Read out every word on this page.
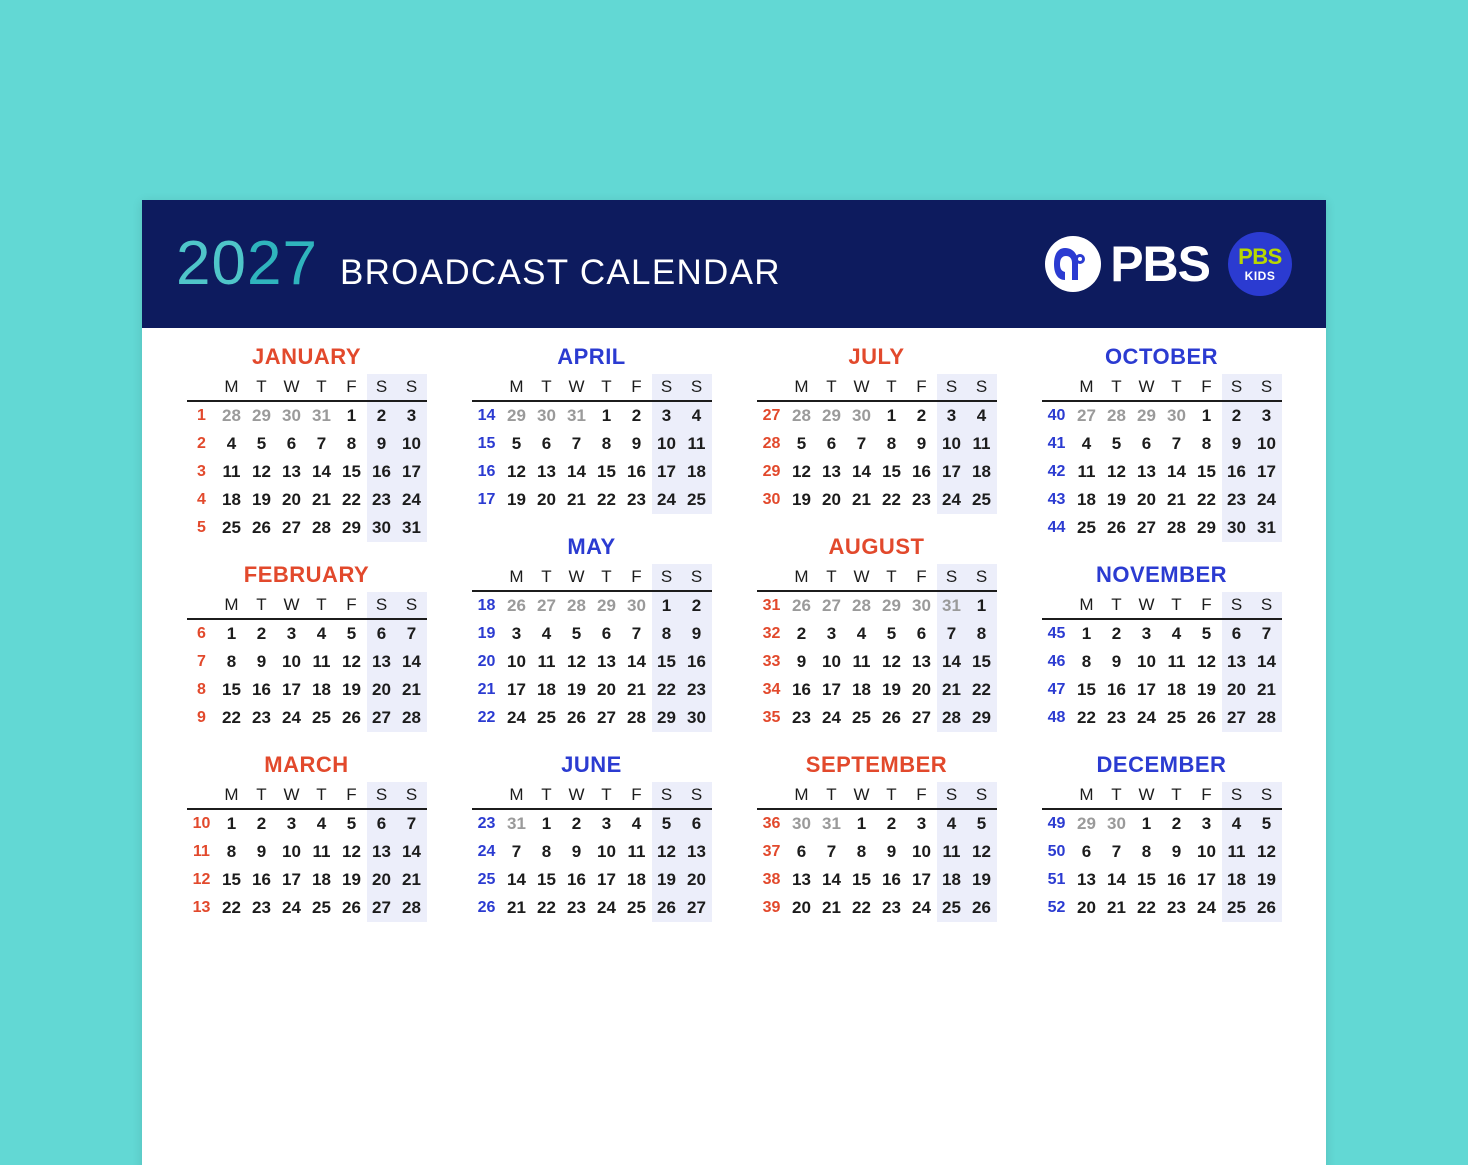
2027 BROADCAST CALENDAR	PBS PBS
KIDS
JANUARY
	M	T	W	T	F	S	S
1	28	29	30	31	1	2	3
2	4	5	6	7	8	9	10
3	11	12	13	14	15	16	17
4	18	19	20	21	22	23	24
5	25	26	27	28	29	30	31
FEBRUARY
	M	T	W	T	F	S	S
6	1	2	3	4	5	6	7
7	8	9	10	11	12	13	14
8	15	16	17	18	19	20	21
9	22	23	24	25	26	27	28
MARCH
	M	T	W	T	F	S	S
10	1	2	3	4	5	6	7
11	8	9	10	11	12	13	14
12	15	16	17	18	19	20	21
13	22	23	24	25	26	27	28
APRIL
	M	T	W	T	F	S	S
14	29	30	31	1	2	3	4
15	5	6	7	8	9	10	11
16	12	13	14	15	16	17	18
17	19	20	21	22	23	24	25
MAY
	M	T	W	T	F	S	S
18	26	27	28	29	30	1	2
19	3	4	5	6	7	8	9
20	10	11	12	13	14	15	16
21	17	18	19	20	21	22	23
22	24	25	26	27	28	29	30
JUNE
	M	T	W	T	F	S	S
23	31	1	2	3	4	5	6
24	7	8	9	10	11	12	13
25	14	15	16	17	18	19	20
26	21	22	23	24	25	26	27
JULY
	M	T	W	T	F	S	S
27	28	29	30	1	2	3	4
28	5	6	7	8	9	10	11
29	12	13	14	15	16	17	18
30	19	20	21	22	23	24	25
AUGUST
	M	T	W	T	F	S	S
31	26	27	28	29	30	31	1
32	2	3	4	5	6	7	8
33	9	10	11	12	13	14	15
34	16	17	18	19	20	21	22
35	23	24	25	26	27	28	29
SEPTEMBER
	M	T	W	T	F	S	S
36	30	31	1	2	3	4	5
37	6	7	8	9	10	11	12
38	13	14	15	16	17	18	19
39	20	21	22	23	24	25	26
OCTOBER
	M	T	W	T	F	S	S
40	27	28	29	30	1	2	3
41	4	5	6	7	8	9	10
42	11	12	13	14	15	16	17
43	18	19	20	21	22	23	24
44	25	26	27	28	29	30	31
NOVEMBER
	M	T	W	T	F	S	S
45	1	2	3	4	5	6	7
46	8	9	10	11	12	13	14
47	15	16	17	18	19	20	21
48	22	23	24	25	26	27	28
DECEMBER
	M	T	W	T	F	S	S
49	29	30	1	2	3	4	5
50	6	7	8	9	10	11	12
51	13	14	15	16	17	18	19
52	20	21	22	23	24	25	26
